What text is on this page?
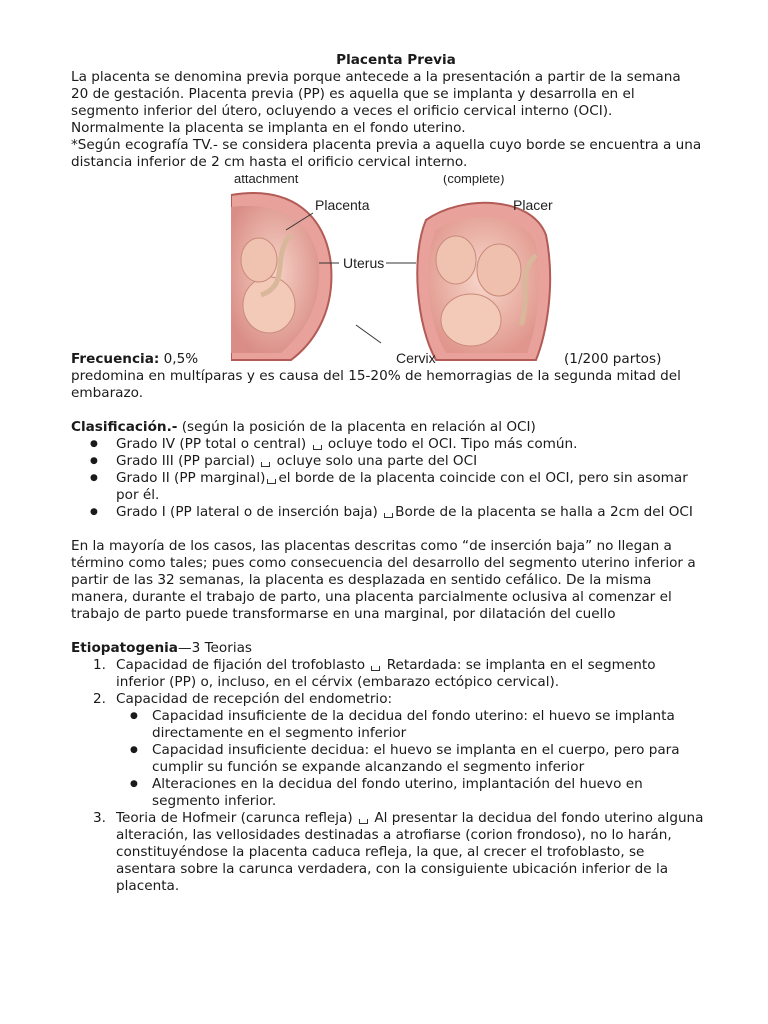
Placenta Previa

La placenta se denomina previa porque antecede a la presentación a partir de la semana

20 de gestación. Placenta previa (PP) es aquella que se implanta y desarrolla en el

segmento inferior del útero, ocluyendo a veces el orificio cervical interno (OCI).

Normalmente la placenta se implanta en el fondo uterino.

*Según ecografía TV.- se considera placenta previa a aquella cuyo borde se encuentra a una

distancia inferior de 2 cm hasta el orificio cervical interno.

attachment	(complete)
Placenta	Placer
Uterus
Cervix
Frecuencia: 0,5%	(1/200 partos)

predomina en multíparas y es causa del 15-20% de hemorragias de la segunda mitad del

embarazo.

Clasificación.- (según la posición de la placenta en relación al OCI)

● Grado IV (PP total o central) ocluye todo el OCI. Tipo más común.
● Grado III (PP parcial) ocluye solo una parte del OCI
● Grado II (PP marginal) el borde de la placenta coincide con el OCI, pero sin asomar
por él.
● Grado I (PP lateral o de inserción baja) Borde de la placenta se halla a 2cm del OCI

En la mayoría de los casos, las placentas descritas como “de inserción baja” no llegan a

término como tales; pues como consecuencia del desarrollo del segmento uterino inferior a

partir de las 32 semanas, la placenta es desplazada en sentido cefálico. De la misma

manera, durante el trabajo de parto, una placenta parcialmente oclusiva al comenzar el

trabajo de parto puede transformarse en una marginal, por dilatación del cuello

Etiopatogenia—3 Teorias

1. Capacidad de fijación del trofoblasto Retardada: se implanta en el segmento
inferior (PP) o, incluso, en el cérvix (embarazo ectópico cervical).
2. Capacidad de recepción del endometrio:
● Capacidad insuficiente de la decidua del fondo uterino: el huevo se implanta
directamente en el segmento inferior
● Capacidad insuficiente decidua: el huevo se implanta en el cuerpo, pero para
cumplir su función se expande alcanzando el segmento inferior
● Alteraciones en la decidua del fondo uterino, implantación del huevo en
segmento inferior.
3. Teoria de Hofmeir (carunca refleja) Al presentar la decidua del fondo uterino alguna
alteración, las vellosidades destinadas a atrofiarse (corion frondoso), no lo harán,
constituyéndose la placenta caduca refleja, la que, al crecer el trofoblasto, se
asentara sobre la carunca verdadera, con la consiguiente ubicación inferior de la
placenta.
